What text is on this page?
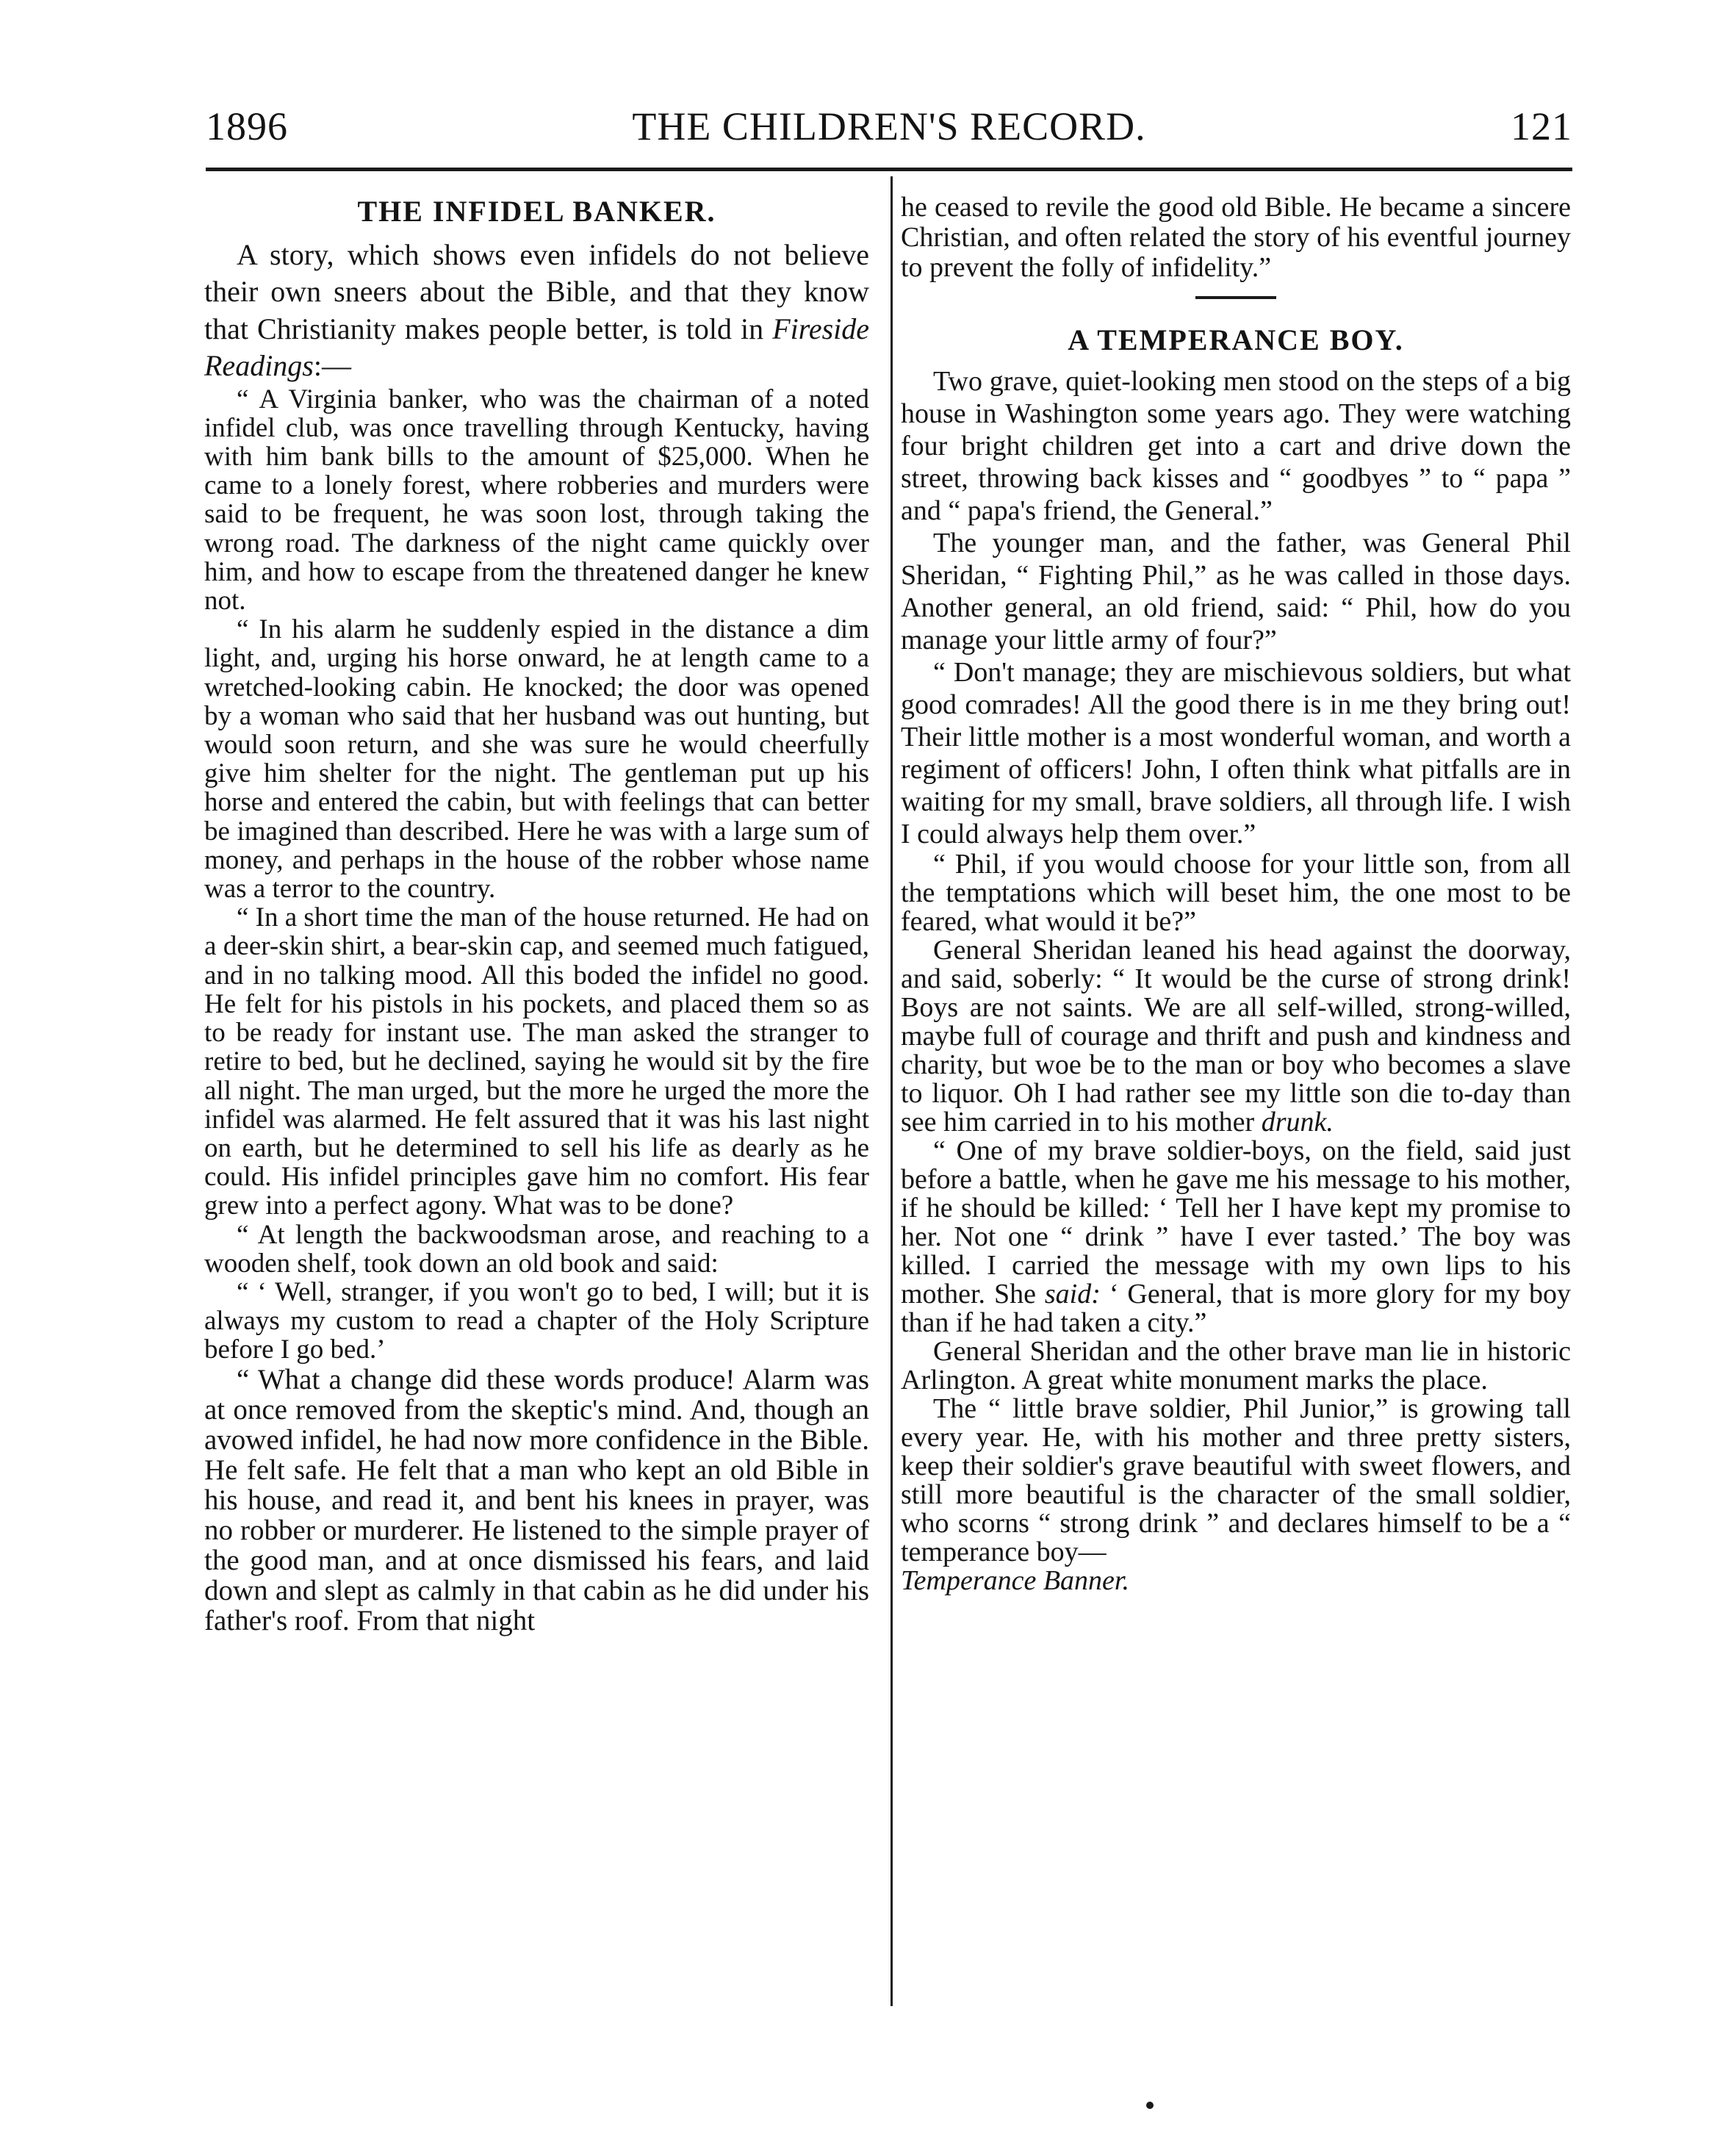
1896	THE CHILDREN'S RECORD.	121
THE INFIDEL BANKER.

A story, which shows even infidels do not believe their own sneers about the Bible, and that they know that Christianity makes people better, is told in Fireside Readings:—

“ A Virginia banker, who was the chairman of a noted infidel club, was once travelling through Kentucky, having with him bank bills to the amount of $25,000. When he came to a lonely forest, where robberies and murders were said to be frequent, he was soon lost, through taking the wrong road. The darkness of the night came quickly over him, and how to escape from the threatened danger he knew not.

“ In his alarm he suddenly espied in the distance a dim light, and, urging his horse onward, he at length came to a wretched-looking cabin. He knocked; the door was opened by a woman who said that her husband was out hunting, but would soon return, and she was sure he would cheerfully give him shelter for the night. The gentleman put up his horse and entered the cabin, but with feelings that can better be imagined than described. Here he was with a large sum of money, and perhaps in the house of the robber whose name was a terror to the country.

“ In a short time the man of the house returned. He had on a deer-skin shirt, a bear-skin cap, and seemed much fatigued, and in no talking mood. All this boded the infidel no good. He felt for his pistols in his pockets, and placed them so as to be ready for instant use. The man asked the stranger to retire to bed, but he declined, saying he would sit by the fire all night. The man urged, but the more he urged the more the infidel was alarmed. He felt assured that it was his last night on earth, but he determined to sell his life as dearly as he could. His infidel principles gave him no comfort. His fear grew into a perfect agony. What was to be done?

“ At length the backwoodsman arose, and reaching to a wooden shelf, took down an old book and said:

“ ‘ Well, stranger, if you won't go to bed, I will; but it is always my custom to read a chapter of the Holy Scripture before I go bed.’

“ What a change did these words produce! Alarm was at once removed from the skeptic's mind. And, though an avowed infidel, he had now more confidence in the Bible. He felt safe. He felt that a man who kept an old Bible in his house, and read it, and bent his knees in prayer, was no robber or murderer. He listened to the simple prayer of the good man, and at once dismissed his fears, and laid down and slept as calmly in that cabin as he did under his father's roof. From that night

he ceased to revile the good old Bible. He became a sincere Christian, and often related the story of his eventful journey to prevent the folly of infidelity.”

A TEMPERANCE BOY.

Two grave, quiet-looking men stood on the steps of a big house in Washington some years ago. They were watching four bright children get into a cart and drive down the street, throwing back kisses and “ goodbyes ” to “ papa ” and “ papa's friend, the General.”

The younger man, and the father, was General Phil Sheridan, “ Fighting Phil,” as he was called in those days. Another general, an old friend, said: “ Phil, how do you manage your little army of four?”

“ Don't manage; they are mischievous soldiers, but what good comrades! All the good there is in me they bring out! Their little mother is a most wonderful woman, and worth a regiment of officers! John, I often think what pitfalls are in waiting for my small, brave soldiers, all through life. I wish I could always help them over.”

“ Phil, if you would choose for your little son, from all the temptations which will beset him, the one most to be feared, what would it be?”

General Sheridan leaned his head against the doorway, and said, soberly: “ It would be the curse of strong drink! Boys are not saints. We are all self-willed, strong-willed, maybe full of courage and thrift and push and kindness and charity, but woe be to the man or boy who becomes a slave to liquor. Oh I had rather see my little son die to-day than see him carried in to his mother drunk.

“ One of my brave soldier-boys, on the field, said just before a battle, when he gave me his message to his mother, if he should be killed: ‘ Tell her I have kept my promise to her. Not one “ drink ” have I ever tasted.’ The boy was killed. I carried the message with my own lips to his mother. She said: ‘ General, that is more glory for my boy than if he had taken a city.”

General Sheridan and the other brave man lie in historic Arlington. A great white monument marks the place.

The “ little brave soldier, Phil Junior,” is growing tall every year. He, with his mother and three pretty sisters, keep their soldier's grave beautiful with sweet flowers, and still more beautiful is the character of the small soldier, who scorns “ strong drink ” and declares himself to be a “ temperance boy—

Temperance Banner.
